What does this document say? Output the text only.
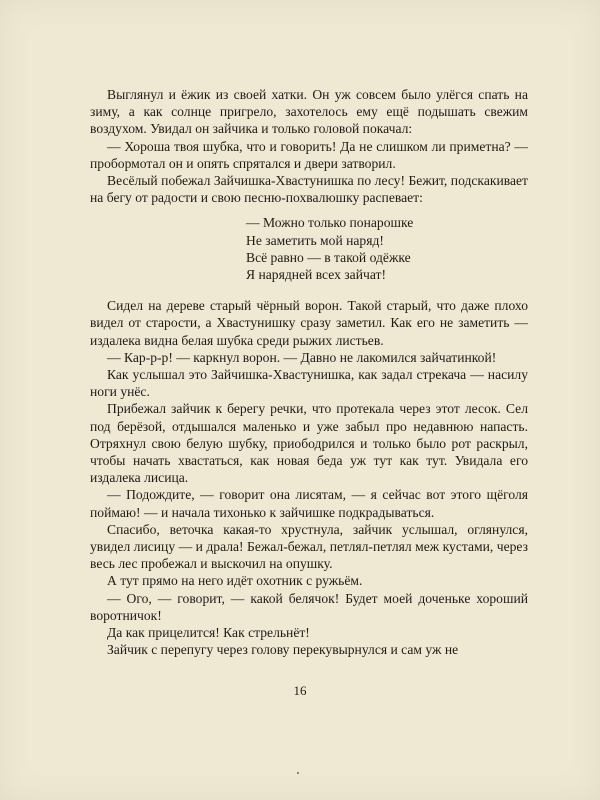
Выглянул и ёжик из своей хатки. Он уж совсем было улёгся спать на зиму, а как солнце пригрело, захотелось ему ещё подышать свежим воздухом. Увидал он зайчика и только головой покачал:

— Хороша твоя шубка, что и говорить! Да не слишком ли приметна? — пробормотал он и опять спрятался и двери затворил.

Весёлый побежал Зайчишка-Хвастунишка по лесу! Бежит, подскакивает на бегу от радости и свою песню-похвалюшку распевает:

— Можно только понарошке
Не заметить мой наряд!
Всё равно — в такой одёжке
Я нарядней всех зайчат!

Сидел на дереве старый чёрный ворон. Такой старый, что даже плохо видел от старости, а Хвастунишку сразу заметил. Как его не заметить — издалека видна белая шубка среди рыжих листьев.

— Кар-р-р! — каркнул ворон. — Давно не лакомился зайчатинкой!

Как услышал это Зайчишка-Хвастунишка, как задал стрекача — насилу ноги унёс.

Прибежал зайчик к берегу речки, что протекала через этот лесок. Сел под берёзой, отдышался маленько и уже забыл про недавнюю напасть. Отряхнул свою белую шубку, приободрился и только было рот раскрыл, чтобы начать хвастаться, как новая беда уж тут как тут. Увидала его издалека лисица.

— Подождите, — говорит она лисятам, — я сейчас вот этого щёголя поймаю! — и начала тихонько к зайчишке подкрадываться.

Спасибо, веточка какая-то хрустнула, зайчик услышал, оглянулся, увидел лисицу — и драла! Бежал-бежал, петлял-петлял меж кустами, через весь лес пробежал и выскочил на опушку.

А тут прямо на него идёт охотник с ружьём.

— Ого, — говорит, — какой белячок! Будет моей доченьке хороший воротничок!

Да как прицелится! Как стрельнёт!

Зайчик с перепугу через голову перекувырнулся и сам уж не

16
